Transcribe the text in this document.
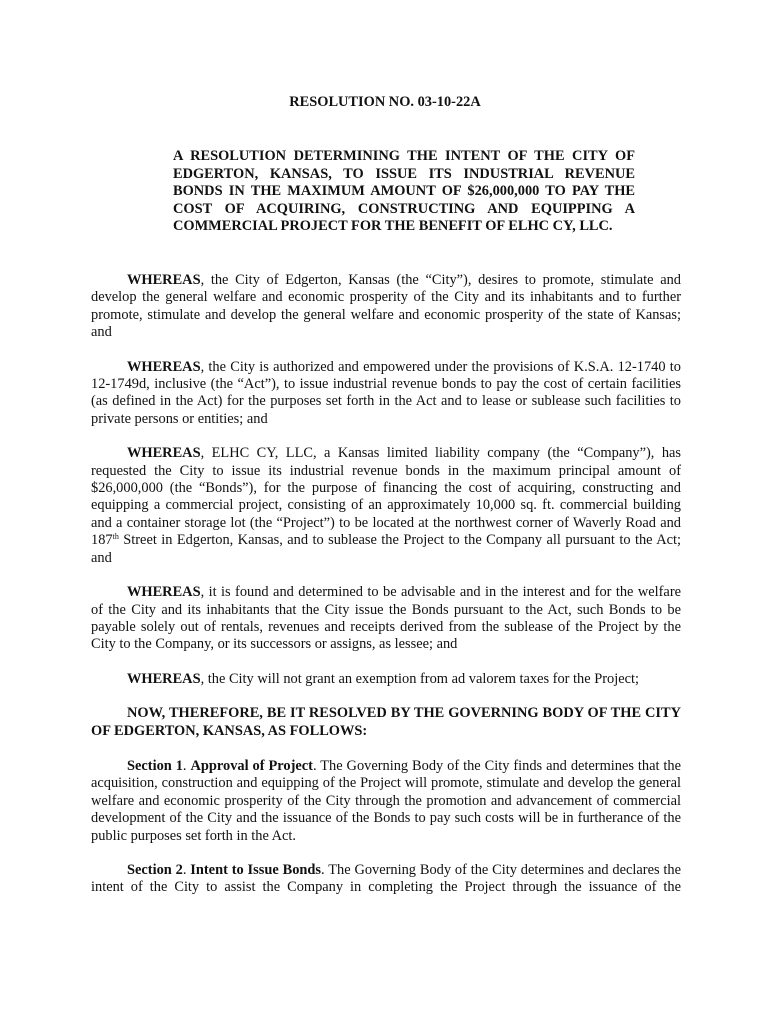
RESOLUTION NO. 03-10-22A
A RESOLUTION DETERMINING THE INTENT OF THE CITY OF EDGERTON, KANSAS, TO ISSUE ITS INDUSTRIAL REVENUE BONDS IN THE MAXIMUM AMOUNT OF $26,000,000 TO PAY THE COST OF ACQUIRING, CONSTRUCTING AND EQUIPPING A COMMERCIAL PROJECT FOR THE BENEFIT OF ELHC CY, LLC.

WHEREAS, the City of Edgerton, Kansas (the “City”), desires to promote, stimulate and develop the general welfare and economic prosperity of the City and its inhabitants and to further promote, stimulate and develop the general welfare and economic prosperity of the state of Kansas; and

WHEREAS, the City is authorized and empowered under the provisions of K.S.A. 12-1740 to 12-1749d, inclusive (the “Act”), to issue industrial revenue bonds to pay the cost of certain facilities (as defined in the Act) for the purposes set forth in the Act and to lease or sublease such facilities to private persons or entities; and

WHEREAS, ELHC CY, LLC, a Kansas limited liability company (the “Company”), has requested the City to issue its industrial revenue bonds in the maximum principal amount of $26,000,000 (the “Bonds”), for the purpose of financing the cost of acquiring, constructing and equipping a commercial project, consisting of an approximately 10,000 sq. ft. commercial building and a container storage lot (the “Project”) to be located at the northwest corner of Waverly Road and 187th Street in Edgerton, Kansas, and to sublease the Project to the Company all pursuant to the Act; and

WHEREAS, it is found and determined to be advisable and in the interest and for the welfare of the City and its inhabitants that the City issue the Bonds pursuant to the Act, such Bonds to be payable solely out of rentals, revenues and receipts derived from the sublease of the Project by the City to the Company, or its successors or assigns, as lessee; and

WHEREAS, the City will not grant an exemption from ad valorem taxes for the Project;

NOW, THEREFORE, BE IT RESOLVED BY THE GOVERNING BODY OF THE CITY OF EDGERTON, KANSAS, AS FOLLOWS:

Section 1. Approval of Project. The Governing Body of the City finds and determines that the acquisition, construction and equipping of the Project will promote, stimulate and develop the general welfare and economic prosperity of the City through the promotion and advancement of commercial development of the City and the issuance of the Bonds to pay such costs will be in furtherance of the public purposes set forth in the Act.

Section 2. Intent to Issue Bonds. The Governing Body of the City determines and declares the intent of the City to assist the Company in completing the Project through the issuance of the
